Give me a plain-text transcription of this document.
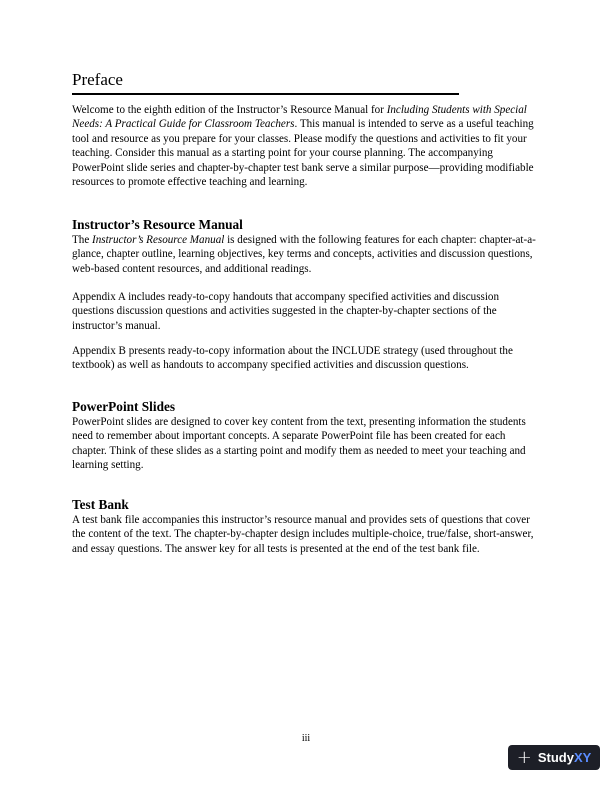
Preface
Welcome to the eighth edition of the Instructor’s Resource Manual for Including Students with Special Needs: A Practical Guide for Classroom Teachers. This manual is intended to serve as a useful teaching tool and resource as you prepare for your classes. Please modify the questions and activities to fit your teaching. Consider this manual as a starting point for your course planning. The accompanying PowerPoint slide series and chapter-by-chapter test bank serve a similar purpose—providing modifiable resources to promote effective teaching and learning.
Instructor’s Resource Manual
The Instructor’s Resource Manual is designed with the following features for each chapter: chapter-at-a-glance, chapter outline, learning objectives, key terms and concepts, activities and discussion questions, web-based content resources, and additional readings.
Appendix A includes ready-to-copy handouts that accompany specified activities and discussion questions discussion questions and activities suggested in the chapter-by-chapter sections of the instructor’s manual.
Appendix B presents ready-to-copy information about the INCLUDE strategy (used throughout the textbook) as well as handouts to accompany specified activities and discussion questions.
PowerPoint Slides
PowerPoint slides are designed to cover key content from the text, presenting information the students need to remember about important concepts. A separate PowerPoint file has been created for each chapter. Think of these slides as a starting point and modify them as needed to meet your teaching and learning setting.
Test Bank
A test bank file accompanies this instructor’s resource manual and provides sets of questions that cover the content of the text. The chapter-by-chapter design includes multiple-choice, true/false, short-answer, and essay questions. The answer key for all tests is presented at the end of the test bank file.
iii
+ StudyXY
